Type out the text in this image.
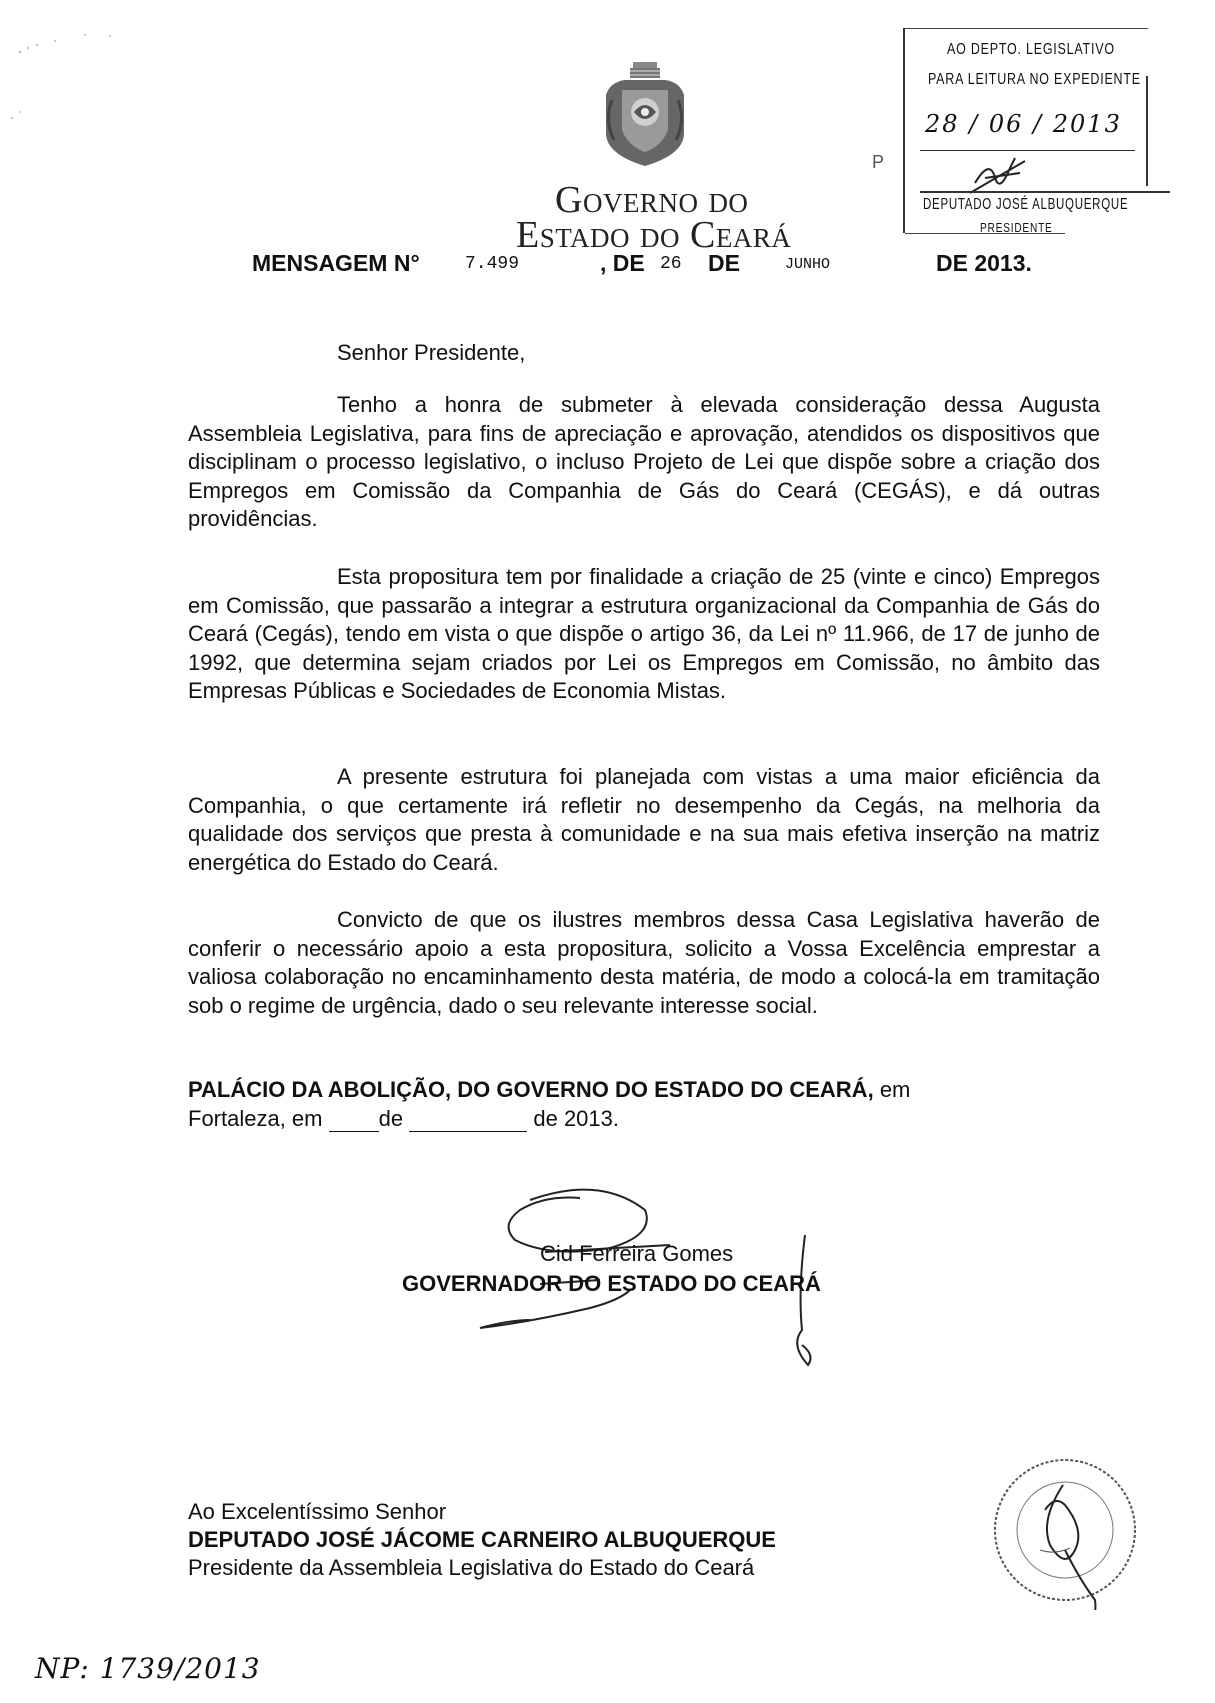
Governo do
Estado do Ceará
MENSAGEM N°	7.499	, DE 26 DE	JUNHO	DE 2013.
P
AO DEPTO. LEGISLATIVO
PARA LEITURA NO EXPEDIENTE
28 / 06 / 2013
DEPUTADO JOSÉ ALBUQUERQUE
PRESIDENTE
Senhor Presidente,

Tenho a honra de submeter à elevada consideração dessa Augusta Assembleia Legislativa, para fins de apreciação e aprovação, atendidos os dispositivos que disciplinam o processo legislativo, o incluso Projeto de Lei que dispõe sobre a criação dos Empregos em Comissão da Companhia de Gás do Ceará (CEGÁS), e dá outras providências.

Esta propositura tem por finalidade a criação de 25 (vinte e cinco) Empregos em Comissão, que passarão a integrar a estrutura organizacional da Companhia de Gás do Ceará (Cegás), tendo em vista o que dispõe o artigo 36, da Lei nº 11.966, de 17 de junho de 1992, que determina sejam criados por Lei os Empregos em Comissão, no âmbito das Empresas Públicas e Sociedades de Economia Mistas.

A presente estrutura foi planejada com vistas a uma maior eficiência da Companhia, o que certamente irá refletir no desempenho da Cegás, na melhoria da qualidade dos serviços que presta à comunidade e na sua mais efetiva inserção na matriz energética do Estado do Ceará.

Convicto de que os ilustres membros dessa Casa Legislativa haverão de conferir o necessário apoio a esta propositura, solicito a Vossa Excelência emprestar a valiosa colaboração no encaminhamento desta matéria, de modo a colocá-la em tramitação sob o regime de urgência, dado o seu relevante interesse social.

PALÁCIO DA ABOLIÇÃO, DO GOVERNO DO ESTADO DO CEARÁ, em

Fortaleza, em	de	de 2013.
Cid Ferreira Gomes
GOVERNADOR DO ESTADO DO CEARÁ
Ao Excelentíssimo Senhor
DEPUTADO JOSÉ JÁCOME CARNEIRO ALBUQUERQUE
Presidente da Assembleia Legislativa do Estado do Ceará
NP: 1739/2013
